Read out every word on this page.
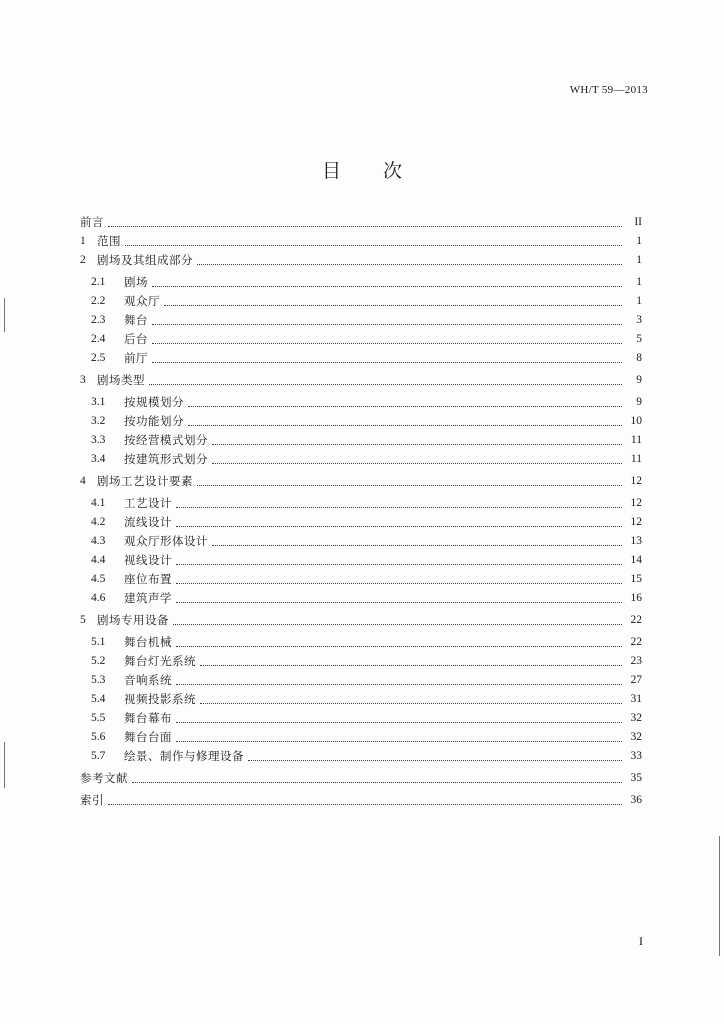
WH/T 59—2013
目 次
前言	II
1 范围	1
2 剧场及其组成部分	1
2.1	剧场	1
2.2	观众厅	1
2.3	舞台	3
2.4	后台	5
2.5	前厅	8
3 剧场类型	9
3.1	按规模划分	9
3.2	按功能划分	10
3.3	按经营模式划分	11
3.4	按建筑形式划分	11
4 剧场工艺设计要素	12
4.1	工艺设计	12
4.2	流线设计	12
4.3	观众厅形体设计	13
4.4	视线设计	14
4.5	座位布置	15
4.6	建筑声学	16
5 剧场专用设备	22
5.1	舞台机械	22
5.2	舞台灯光系统	23
5.3	音响系统	27
5.4	视频投影系统	31
5.5	舞台幕布	32
5.6	舞台台面	32
5.7	绘景、制作与修理设备	33
参考文献	35
索引	36
I
